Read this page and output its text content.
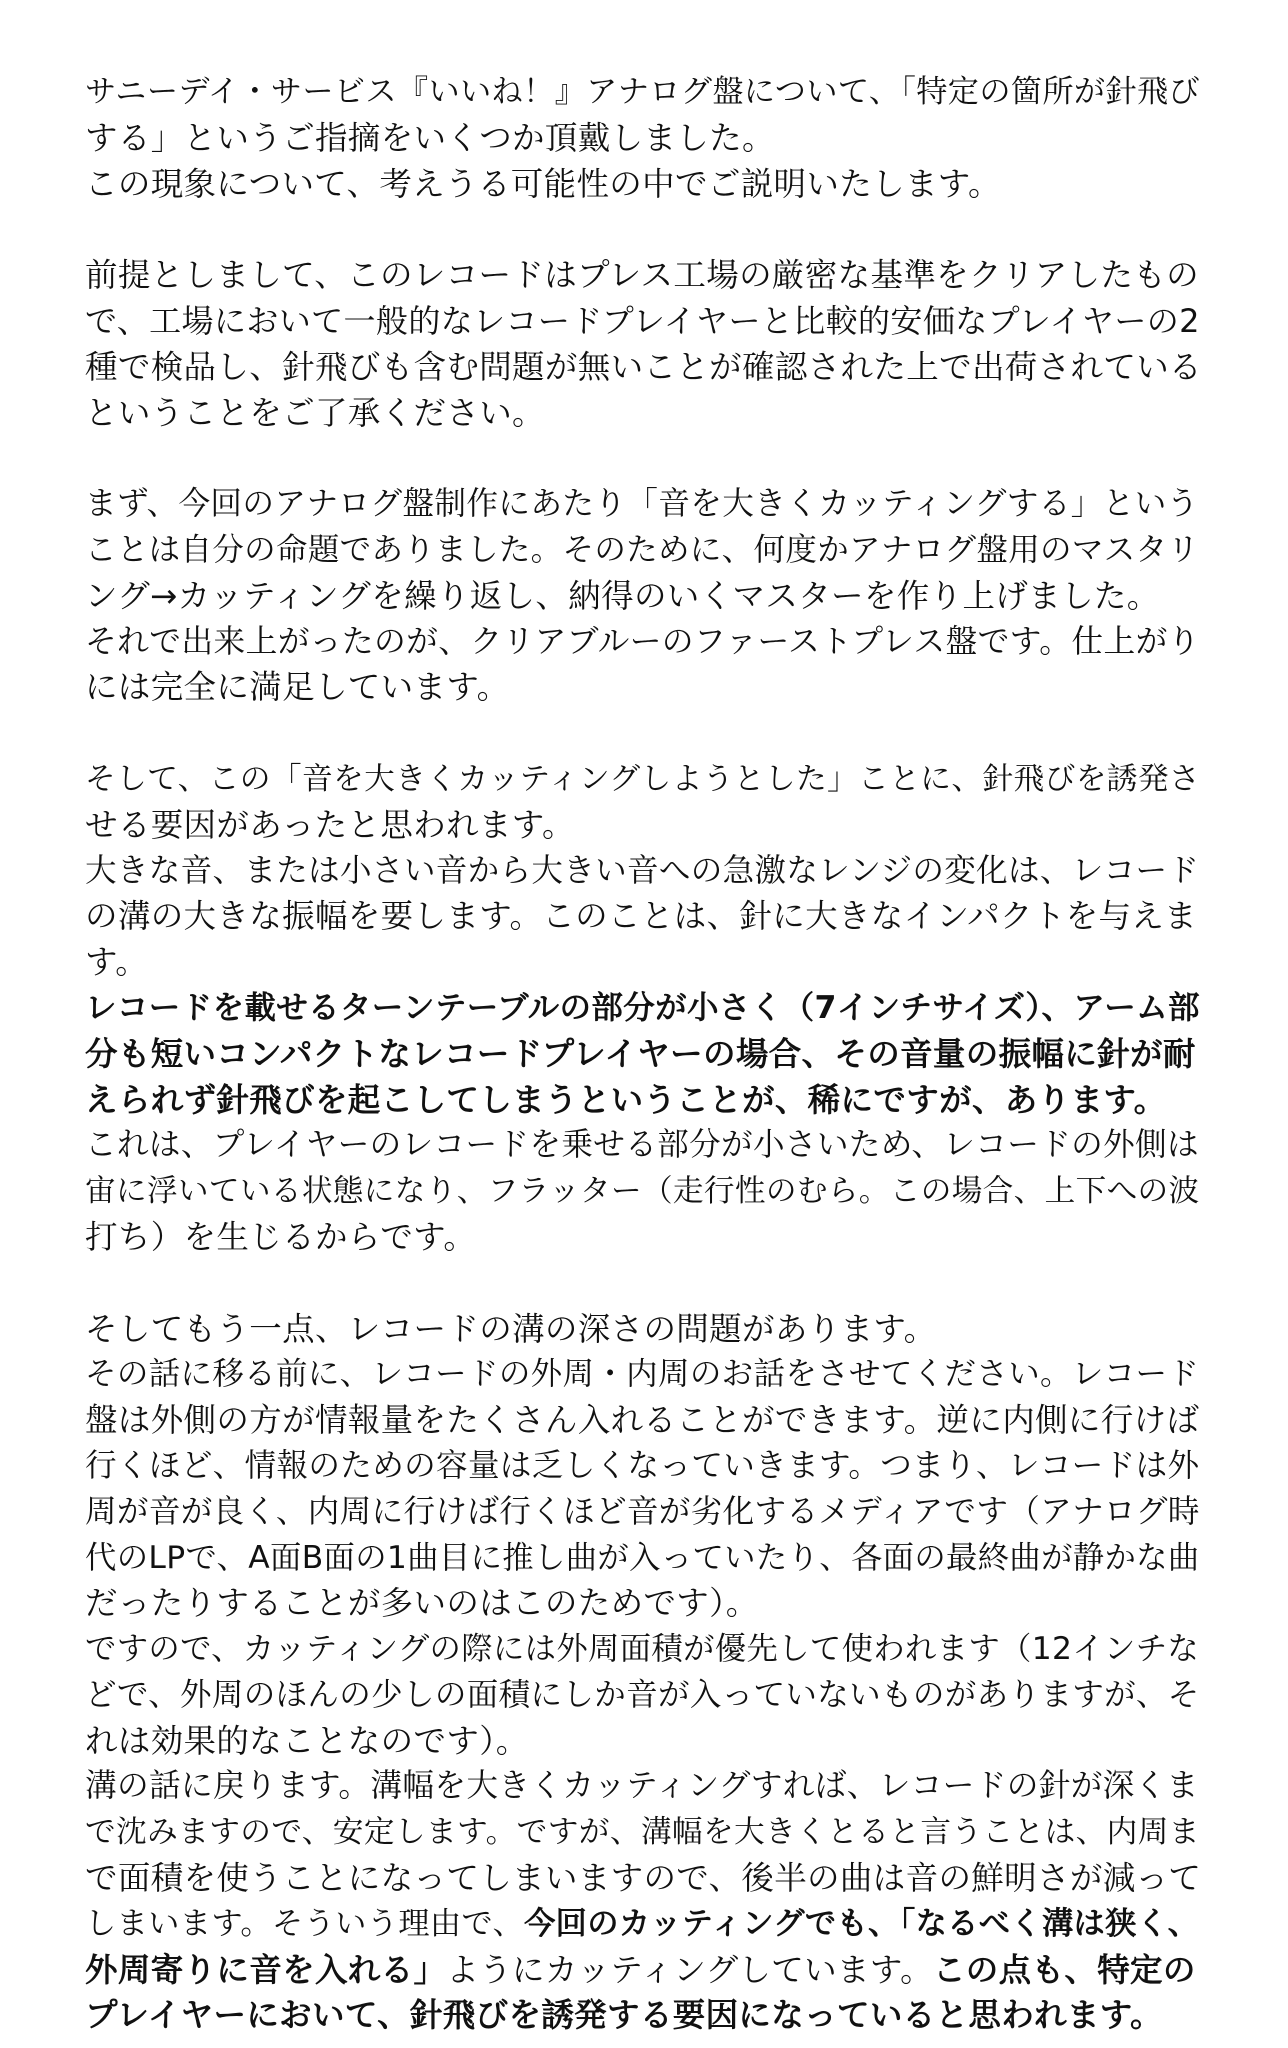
サニーデイ・サービス『いいね！』アナログ盤について、「特定の箇所が針飛び
する」というご指摘をいくつか頂戴しました。
この現象について、考えうる可能性の中でご説明いたします。
前提としまして、このレコードはプレス工場の厳密な基準をクリアしたもの
で、工場において一般的なレコードプレイヤーと比較的安価なプレイヤーの2
種で検品し、針飛びも含む問題が無いことが確認された上で出荷されている
ということをご了承ください。
まず、今回のアナログ盤制作にあたり「音を大きくカッティングする」という
ことは自分の命題でありました。そのために、何度かアナログ盤用のマスタリ
ング→カッティングを繰り返し、納得のいくマスターを作り上げました。
それで出来上がったのが、クリアブルーのファーストプレス盤です。仕上がり
には完全に満足しています。
そして、この「音を大きくカッティングしようとした」ことに、針飛びを誘発さ
せる要因があったと思われます。
大きな音、または小さい音から大きい音への急激なレンジの変化は、レコード
の溝の大きな振幅を要します。このことは、針に大きなインパクトを与えま
す。
レコードを載せるターンテーブルの部分が小さく（7インチサイズ）、アーム部
分も短いコンパクトなレコードプレイヤーの場合、その音量の振幅に針が耐
えられず針飛びを起こしてしまうということが、稀にですが、あります。
これは、プレイヤーのレコードを乗せる部分が小さいため、レコードの外側は
宙に浮いている状態になり、フラッター（走行性のむら。この場合、上下への波
打ち）を生じるからです。
そしてもう一点、レコードの溝の深さの問題があります。
その話に移る前に、レコードの外周・内周のお話をさせてください。レコード
盤は外側の方が情報量をたくさん入れることができます。逆に内側に行けば
行くほど、情報のための容量は乏しくなっていきます。つまり、レコードは外
周が音が良く、内周に行けば行くほど音が劣化するメディアです（アナログ時
代のLPで、A面B面の1曲目に推し曲が入っていたり、各面の最終曲が静かな曲
だったりすることが多いのはこのためです）。
ですので、カッティングの際には外周面積が優先して使われます（12インチな
どで、外周のほんの少しの面積にしか音が入っていないものがありますが、そ
れは効果的なことなのです）。
溝の話に戻ります。溝幅を大きくカッティングすれば、レコードの針が深くま
で沈みますので、安定します。ですが、溝幅を大きくとると言うことは、内周ま
で面積を使うことになってしまいますので、後半の曲は音の鮮明さが減って
しまいます。そういう理由で、今回のカッティングでも、「なるべく溝は狭く、
外周寄りに音を入れる」ようにカッティングしています。この点も、特定の
プレイヤーにおいて、針飛びを誘発する要因になっていると思われます。
